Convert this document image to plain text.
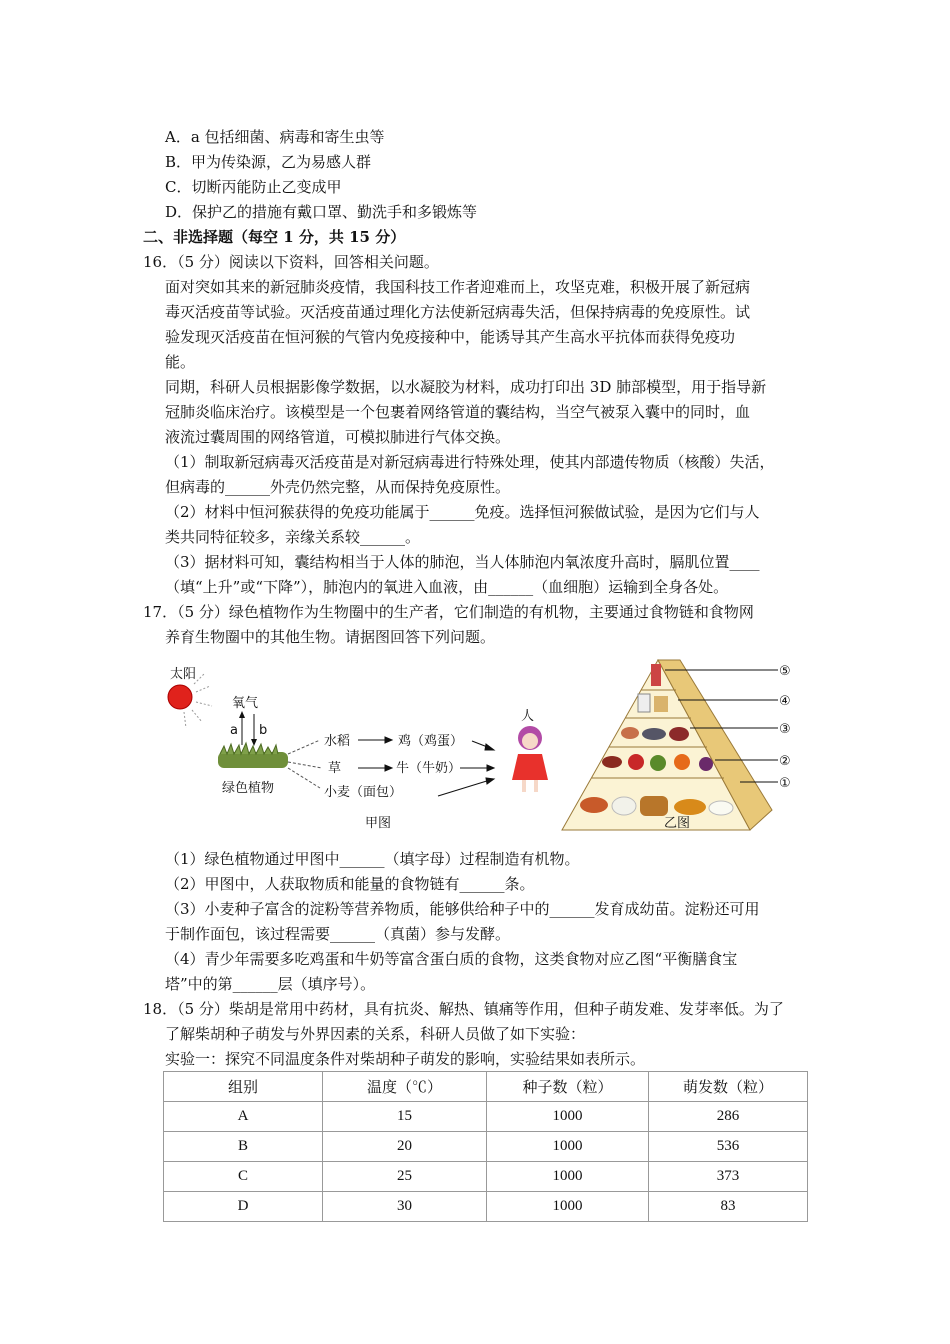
A．a 包括细菌、病毒和寄生虫等
B．甲为传染源，乙为易感人群
C．切断丙能防止乙变成甲
D．保护乙的措施有戴口罩、勤洗手和多锻炼等
二、非选择题（每空 1 分，共 15 分）
16．（5 分）阅读以下资料，回答相关问题。
面对突如其来的新冠肺炎疫情，我国科技工作者迎难而上，攻坚克难，积极开展了新冠病
毒灭活疫苗等试验。灭活疫苗通过理化方法使新冠病毒失活，但保持病毒的免疫原性。试
验发现灭活疫苗在恒河猴的气管内免疫接种中，能诱导其产生高水平抗体而获得免疫功
能。
同期，科研人员根据影像学数据，以水凝胶为材料，成功打印出 3D 肺部模型，用于指导新
冠肺炎临床治疗。该模型是一个包裹着网络管道的囊结构，当空气被泵入囊中的同时，血
液流过囊周围的网络管道，可模拟肺进行气体交换。
（1）制取新冠病毒灭活疫苗是对新冠病毒进行特殊处理，使其内部遗传物质（核酸）失活，
但病毒的______外壳仍然完整，从而保持免疫原性。
（2）材料中恒河猴获得的免疫功能属于______免疫。选择恒河猴做试验，是因为它们与人
类共同特征较多，亲缘关系较______。
（3）据材料可知，囊结构相当于人体的肺泡，当人体肺泡内氧浓度升高时，膈肌位置____
（填“上升”或“下降”），肺泡内的氧进入血液，由______（血细胞）运输到全身各处。
17．（5 分）绿色植物作为生物圈中的生产者，它们制造的有机物，主要通过食物链和食物网
养育生物圈中的其他生物。请据图回答下列问题。
太阳
氧气
a b
绿色植物
水稻
草
小麦（面包）
鸡（鸡蛋）
牛（牛奶）
人
甲图
⑤
④
③
②
①
乙图
（1）绿色植物通过甲图中______（填字母）过程制造有机物。
（2）甲图中，人获取物质和能量的食物链有______条。
（3）小麦种子富含的淀粉等营养物质，能够供给种子中的______发育成幼苗。淀粉还可用
于制作面包，该过程需要______（真菌）参与发酵。
（4）青少年需要多吃鸡蛋和牛奶等富含蛋白质的食物，这类食物对应乙图“平衡膳食宝
塔”中的第______层（填序号）。
18．（5 分）柴胡是常用中药材，具有抗炎、解热、镇痛等作用，但种子萌发难、发芽率低。为了
了解柴胡种子萌发与外界因素的关系，科研人员做了如下实验：
实验一：探究不同温度条件对柴胡种子萌发的影响，实验结果如表所示。
组别	温度（℃）	种子数（粒）	萌发数（粒）
A	15	1000	286
B	20	1000	536
C	25	1000	373
D	30	1000	83
